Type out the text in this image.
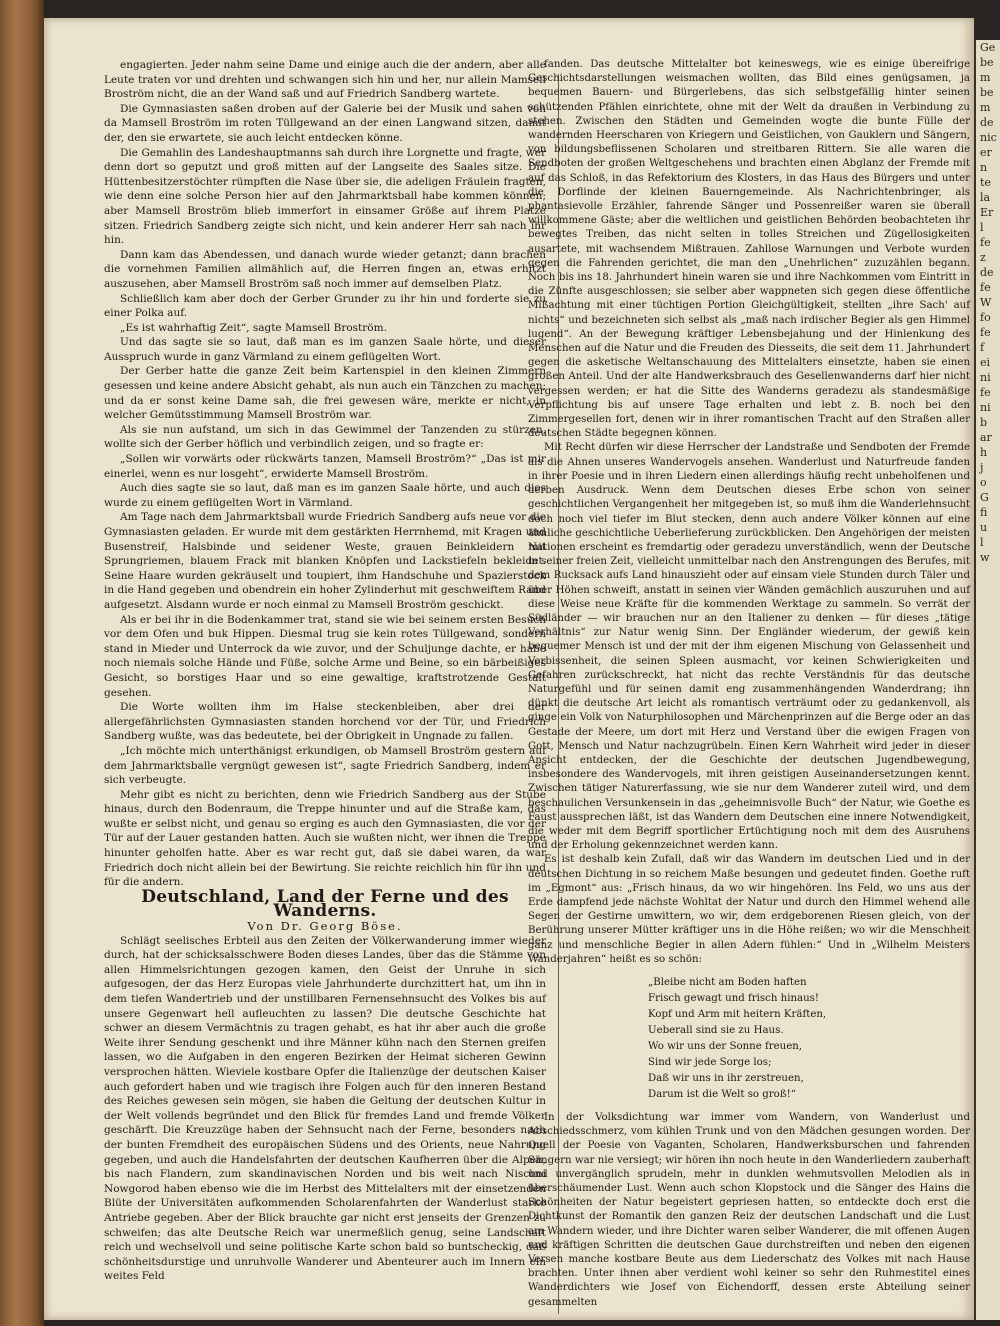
engagierten. Jeder nahm seine Dame und einige auch die der andern, aber alle Leute traten vor und drehten und schwangen sich hin und her, nur allein Mamsell Broström nicht, die an der Wand saß und auf Friedrich Sandberg wartete.

Die Gymnasiasten saßen droben auf der Galerie bei der Musik und sahen von da Mamsell Broström im roten Tüllgewand an der einen Langwand sitzen, damit der, den sie erwartete, sie auch leicht entdecken könne.

Die Gemahlin des Landeshauptmanns sah durch ihre Lorgnette und fragte, wer denn dort so geputzt und groß mitten auf der Langseite des Saales sitze. Die Hüttenbesitzerstöchter rümpften die Nase über sie, die adeligen Fräulein fragten, wie denn eine solche Person hier auf den Jahrmarktsball habe kommen können; aber Mamsell Broström blieb immerfort in einsamer Größe auf ihrem Platze sitzen. Friedrich Sandberg zeigte sich nicht, und kein anderer Herr sah nach ihr hin.

Dann kam das Abendessen, und danach wurde wieder getanzt; dann brachen die vornehmen Familien allmählich auf, die Herren fingen an, etwas erhitzt auszusehen, aber Mamsell Broström saß noch immer auf demselben Platz.

Schließlich kam aber doch der Gerber Grunder zu ihr hin und forderte sie zu einer Polka auf.

„Es ist wahrhaftig Zeit“, sagte Mamsell Broström.

Und das sagte sie so laut, daß man es im ganzen Saale hörte, und dieser Ausspruch wurde in ganz Värmland zu einem geflügelten Wort.

Der Gerber hatte die ganze Zeit beim Kartenspiel in den kleinen Zimmern gesessen und keine andere Absicht gehabt, als nun auch ein Tänzchen zu machen; und da er sonst keine Dame sah, die frei gewesen wäre, merkte er nicht, in welcher Gemütsstimmung Mamsell Broström war.

Als sie nun aufstand, um sich in das Gewimmel der Tanzenden zu stürzen, wollte sich der Gerber höflich und verbindlich zeigen, und so fragte er:

„Sollen wir vorwärts oder rückwärts tanzen, Mamsell Broström?“ „Das ist mir einerlei, wenn es nur losgeht“, erwiderte Mamsell Broström.

Auch dies sagte sie so laut, daß man es im ganzen Saale hörte, und auch dies wurde zu einem geflügelten Wort in Värmland.

Am Tage nach dem Jahrmarktsball wurde Friedrich Sandberg aufs neue vor die Gymnasiasten geladen. Er wurde mit dem gestärkten Herrnhemd, mit Kragen und Busenstreif, Halsbinde und seidener Weste, grauen Beinkleidern mit Sprungriemen, blauem Frack mit blanken Knöpfen und Lackstiefeln bekleidet. Seine Haare wurden gekräuselt und toupiert, ihm Handschuhe und Spazierstock in die Hand gegeben und obendrein ein hoher Zylinderhut mit geschweiftem Rand aufgesetzt. Alsdann wurde er noch einmal zu Mamsell Broström geschickt.

Als er bei ihr in die Bodenkammer trat, stand sie wie bei seinem ersten Besuch vor dem Ofen und buk Hippen. Diesmal trug sie kein rotes Tüllgewand, sondern stand in Mieder und Unterrock da wie zuvor, und der Schuljunge dachte, er habe noch niemals solche Hände und Füße, solche Arme und Beine, so ein bärbeißiges Gesicht, so borstiges Haar und so eine gewaltige, kraftstrotzende Gestalt gesehen.

Die Worte wollten ihm im Halse steckenbleiben, aber drei der allergefährlichsten Gymnasiasten standen horchend vor der Tür, und Friedrich Sandberg wußte, was das bedeutete, bei der Obrigkeit in Ungnade zu fallen.

„Ich möchte mich unterthänigst erkundigen, ob Mamsell Broström gestern auf dem Jahrmarktsballe vergnügt gewesen ist“, sagte Friedrich Sandberg, indem er sich verbeugte.

Mehr gibt es nicht zu berichten, denn wie Friedrich Sandberg aus der Stube hinaus, durch den Bodenraum, die Treppe hinunter und auf die Straße kam, das wußte er selbst nicht, und genau so erging es auch den Gymnasiasten, die vor der Tür auf der Lauer gestanden hatten. Auch sie wußten nicht, wer ihnen die Treppe hinunter geholfen hatte. Aber es war recht gut, daß sie dabei waren, da war Friedrich doch nicht allein bei der Bewirtung. Sie reichte reichlich hin für ihn und für die andern.

Deutschland, Land der Ferne und des Wanderns.

Von Dr. Georg Böse.

Schlägt seelisches Erbteil aus den Zeiten der Völkerwanderung immer wieder durch, hat der schicksalsschwere Boden dieses Landes, über das die Stämme von allen Himmelsrichtungen gezogen kamen, den Geist der Unruhe in sich aufgesogen, der das Herz Europas viele Jahrhunderte durchzittert hat, um ihn in dem tiefen Wandertrieb und der unstillbaren Fernensehnsucht des Volkes bis auf unsere Gegenwart hell aufleuchten zu lassen? Die deutsche Geschichte hat schwer an diesem Vermächtnis zu tragen gehabt, es hat ihr aber auch die große Weite ihrer Sendung geschenkt und ihre Männer kühn nach den Sternen greifen lassen, wo die Aufgaben in den engeren Bezirken der Heimat sicheren Gewinn versprochen hätten. Wieviele kostbare Opfer die Italienzüge der deutschen Kaiser auch gefordert haben und wie tragisch ihre Folgen auch für den inneren Bestand des Reiches gewesen sein mögen, sie haben die Geltung der deutschen Kultur in der Welt vollends begründet und den Blick für fremdes Land und fremde Völker geschärft. Die Kreuzzüge haben der Sehnsucht nach der Ferne, besonders nach der bunten Fremdheit des europäischen Südens und des Orients, neue Nahrung gegeben, und auch die Handelsfahrten der deutschen Kaufherren über die Alpen, bis nach Flandern, zum skandinavischen Norden und bis weit nach Nischni Nowgorod haben ebenso wie die im Herbst des Mittelalters mit der einsetzenden Blüte der Universitäten aufkommenden Scholarenfahrten der Wanderlust starke Antriebe gegeben. Aber der Blick brauchte gar nicht erst jenseits der Grenzen zu schweifen; das alte Deutsche Reich war unermeßlich genug, seine Landschaft reich und wechselvoll und seine politische Karte schon bald so buntscheckig, daß schönheitsdurstige und unruhvolle Wanderer und Abenteurer auch im Innern ein weites Feld

fanden. Das deutsche Mittelalter bot keineswegs, wie es einige übereifrige Geschichtsdarstellungen weismachen wollten, das Bild eines genügsamen, ja bequemen Bauern- und Bürgerlebens, das sich selbstgefällig hinter seinen schützenden Pfählen einrichtete, ohne mit der Welt da draußen in Verbindung zu stehen. Zwischen den Städten und Gemeinden wogte die bunte Fülle der wandernden Heerscharen von Kriegern und Geistlichen, von Gauklern und Sängern, von bildungsbeflissenen Scholaren und streitbaren Rittern. Sie alle waren die Sendboten der großen Weltgeschehens und brachten einen Abglanz der Fremde mit auf das Schloß, in das Refektorium des Klosters, in das Haus des Bürgers und unter die Dorflinde der kleinen Bauerngemeinde. Als Nachrichtenbringer, als phantasievolle Erzähler, fahrende Sänger und Possenreißer waren sie überall willkommene Gäste; aber die weltlichen und geistlichen Behörden beobachteten ihr bewegtes Treiben, das nicht selten in tolles Streichen und Zügellosigkeiten ausartete, mit wachsendem Mißtrauen. Zahllose Warnungen und Verbote wurden gegen die Fahrenden gerichtet, die man den „Unehrlichen“ zuzuzählen begann. Noch bis ins 18. Jahrhundert hinein waren sie und ihre Nachkommen vom Eintritt in die Zünfte ausgeschlossen; sie selber aber wappneten sich gegen diese öffentliche Mißachtung mit einer tüchtigen Portion Gleichgültigkeit, stellten „ihre Sach' auf nichts“ und bezeichneten sich selbst als „maß nach irdischer Begier als gen Himmel lugend“. An der Bewegung kräftiger Lebensbejahung und der Hinlenkung des Menschen auf die Natur und die Freuden des Diesseits, die seit dem 11. Jahrhundert gegen die asketische Weltanschauung des Mittelalters einsetzte, haben sie einen großen Anteil. Und der alte Handwerksbrauch des Gesellenwanderns darf hier nicht vergessen werden; er hat die Sitte des Wanderns geradezu als standesmäßige Verpflichtung bis auf unsere Tage erhalten und lebt z. B. noch bei den Zimmergesellen fort, denen wir in ihrer romantischen Tracht auf den Straßen aller deutschen Städte begegnen können.

Mit Recht dürfen wir diese Herrscher der Landstraße und Sendboten der Fremde als die Ahnen unseres Wandervogels ansehen. Wanderlust und Naturfreude fanden in ihrer Poesie und in ihren Liedern einen allerdings häufig recht unbeholfenen und derben Ausdruck. Wenn dem Deutschen dieses Erbe schon von seiner geschichtlichen Vergangenheit her mitgegeben ist, so muß ihm die Wanderlehnsucht doch noch viel tiefer im Blut stecken, denn auch andere Völker können auf eine ähnliche geschichtliche Ueberlieferung zurückblicken. Den Angehörigen der meisten Nationen erscheint es fremdartig oder geradezu unverständlich, wenn der Deutsche in seiner freien Zeit, vielleicht unmittelbar nach den Anstrengungen des Berufes, mit dem Rucksack aufs Land hinauszieht oder auf einsam viele Stunden durch Täler und über Höhen schweift, anstatt in seinen vier Wänden gemächlich auszuruhen und auf diese Weise neue Kräfte für die kommenden Werktage zu sammeln. So verrät der Südländer — wir brauchen nur an den Italiener zu denken — für dieses „tätige Verhältnis“ zur Natur wenig Sinn. Der Engländer wiederum, der gewiß kein bequemer Mensch ist und der mit der ihm eigenen Mischung von Gelassenheit und Verbissenheit, die seinen Spleen ausmacht, vor keinen Schwierigkeiten und Gefahren zurückschreckt, hat nicht das rechte Verständnis für das deutsche Naturgefühl und für seinen damit eng zusammenhängenden Wanderdrang; ihn dünkt die deutsche Art leicht als romantisch verträumt oder zu gedankenvoll, als ginge ein Volk von Naturphilosophen und Märchenprinzen auf die Berge oder an das Gestade der Meere, um dort mit Herz und Verstand über die ewigen Fragen von Gott, Mensch und Natur nachzugrübeln. Einen Kern Wahrheit wird jeder in dieser Ansicht entdecken, der die Geschichte der deutschen Jugendbewegung, insbesondere des Wandervogels, mit ihren geistigen Auseinandersetzungen kennt. Zwischen tätiger Naturerfassung, wie sie nur dem Wanderer zuteil wird, und dem beschaulichen Versunkensein in das „geheimnisvolle Buch“ der Natur, wie Goethe es Faust aussprechen läßt, ist das Wandern dem Deutschen eine innere Notwendigkeit, die weder mit dem Begriff sportlicher Ertüchtigung noch mit dem des Ausruhens und der Erholung gekennzeichnet werden kann.

Es ist deshalb kein Zufall, daß wir das Wandern im deutschen Lied und in der deutschen Dichtung in so reichem Maße besungen und gedeutet finden. Goethe ruft im „Egmont“ aus: „Frisch hinaus, da wo wir hingehören. Ins Feld, wo uns aus der Erde dampfend jede nächste Wohltat der Natur und durch den Himmel wehend alle Segen der Gestirne umwittern, wo wir, dem erdgeborenen Riesen gleich, von der Berührung unserer Mütter kräftiger uns in die Höhe reißen; wo wir die Menschheit ganz und menschliche Begier in allen Adern fühlen:“ Und in „Wilhelm Meisters Wanderjahren“ heißt es so schön:

„Bleibe nicht am Boden haften
Frisch gewagt und frisch hinaus!
Kopf und Arm mit heitern Kräften,
Ueberall sind sie zu Haus.
Wo wir uns der Sonne freuen,
Sind wir jede Sorge los;
Daß wir uns in ihr zerstreuen,
Darum ist die Welt so groß!“

In der Volksdichtung war immer vom Wandern, von Wanderlust und Abschiedsschmerz, vom kühlen Trunk und von den Mädchen gesungen worden. Der Quell der Poesie von Vaganten, Scholaren, Handwerksburschen und fahrenden Sängern war nie versiegt; wir hören ihn noch heute in den Wanderliedern zauberhaft und unvergänglich sprudeln, mehr in dunklen wehmutsvollen Melodien als in überschäumender Lust. Wenn auch schon Klopstock und die Sänger des Hains die Schönheiten der Natur begeistert gepriesen hatten, so entdeckte doch erst die Dichtkunst der Romantik den ganzen Reiz der deutschen Landschaft und die Lust am Wandern wieder, und ihre Dichter waren selber Wanderer, die mit offenen Augen und kräftigen Schritten die deutschen Gaue durchstreiften und neben den eigenen Versen manche kostbare Beute aus dem Liederschatz des Volkes mit nach Hause brachten. Unter ihnen aber verdient wohl keiner so sehr den Ruhmestitel eines Wanderdichters wie Josef von Eichendorff, dessen erste Abteilung seiner gesammelten

Ge
be
m
be
m
de
nic
er
n
te
la
Er
l
fe
z
de
fe
W
fo
fe
f
ei
ni
fe
ni
b
ar
h
j
o
G
fi
u
l
w
